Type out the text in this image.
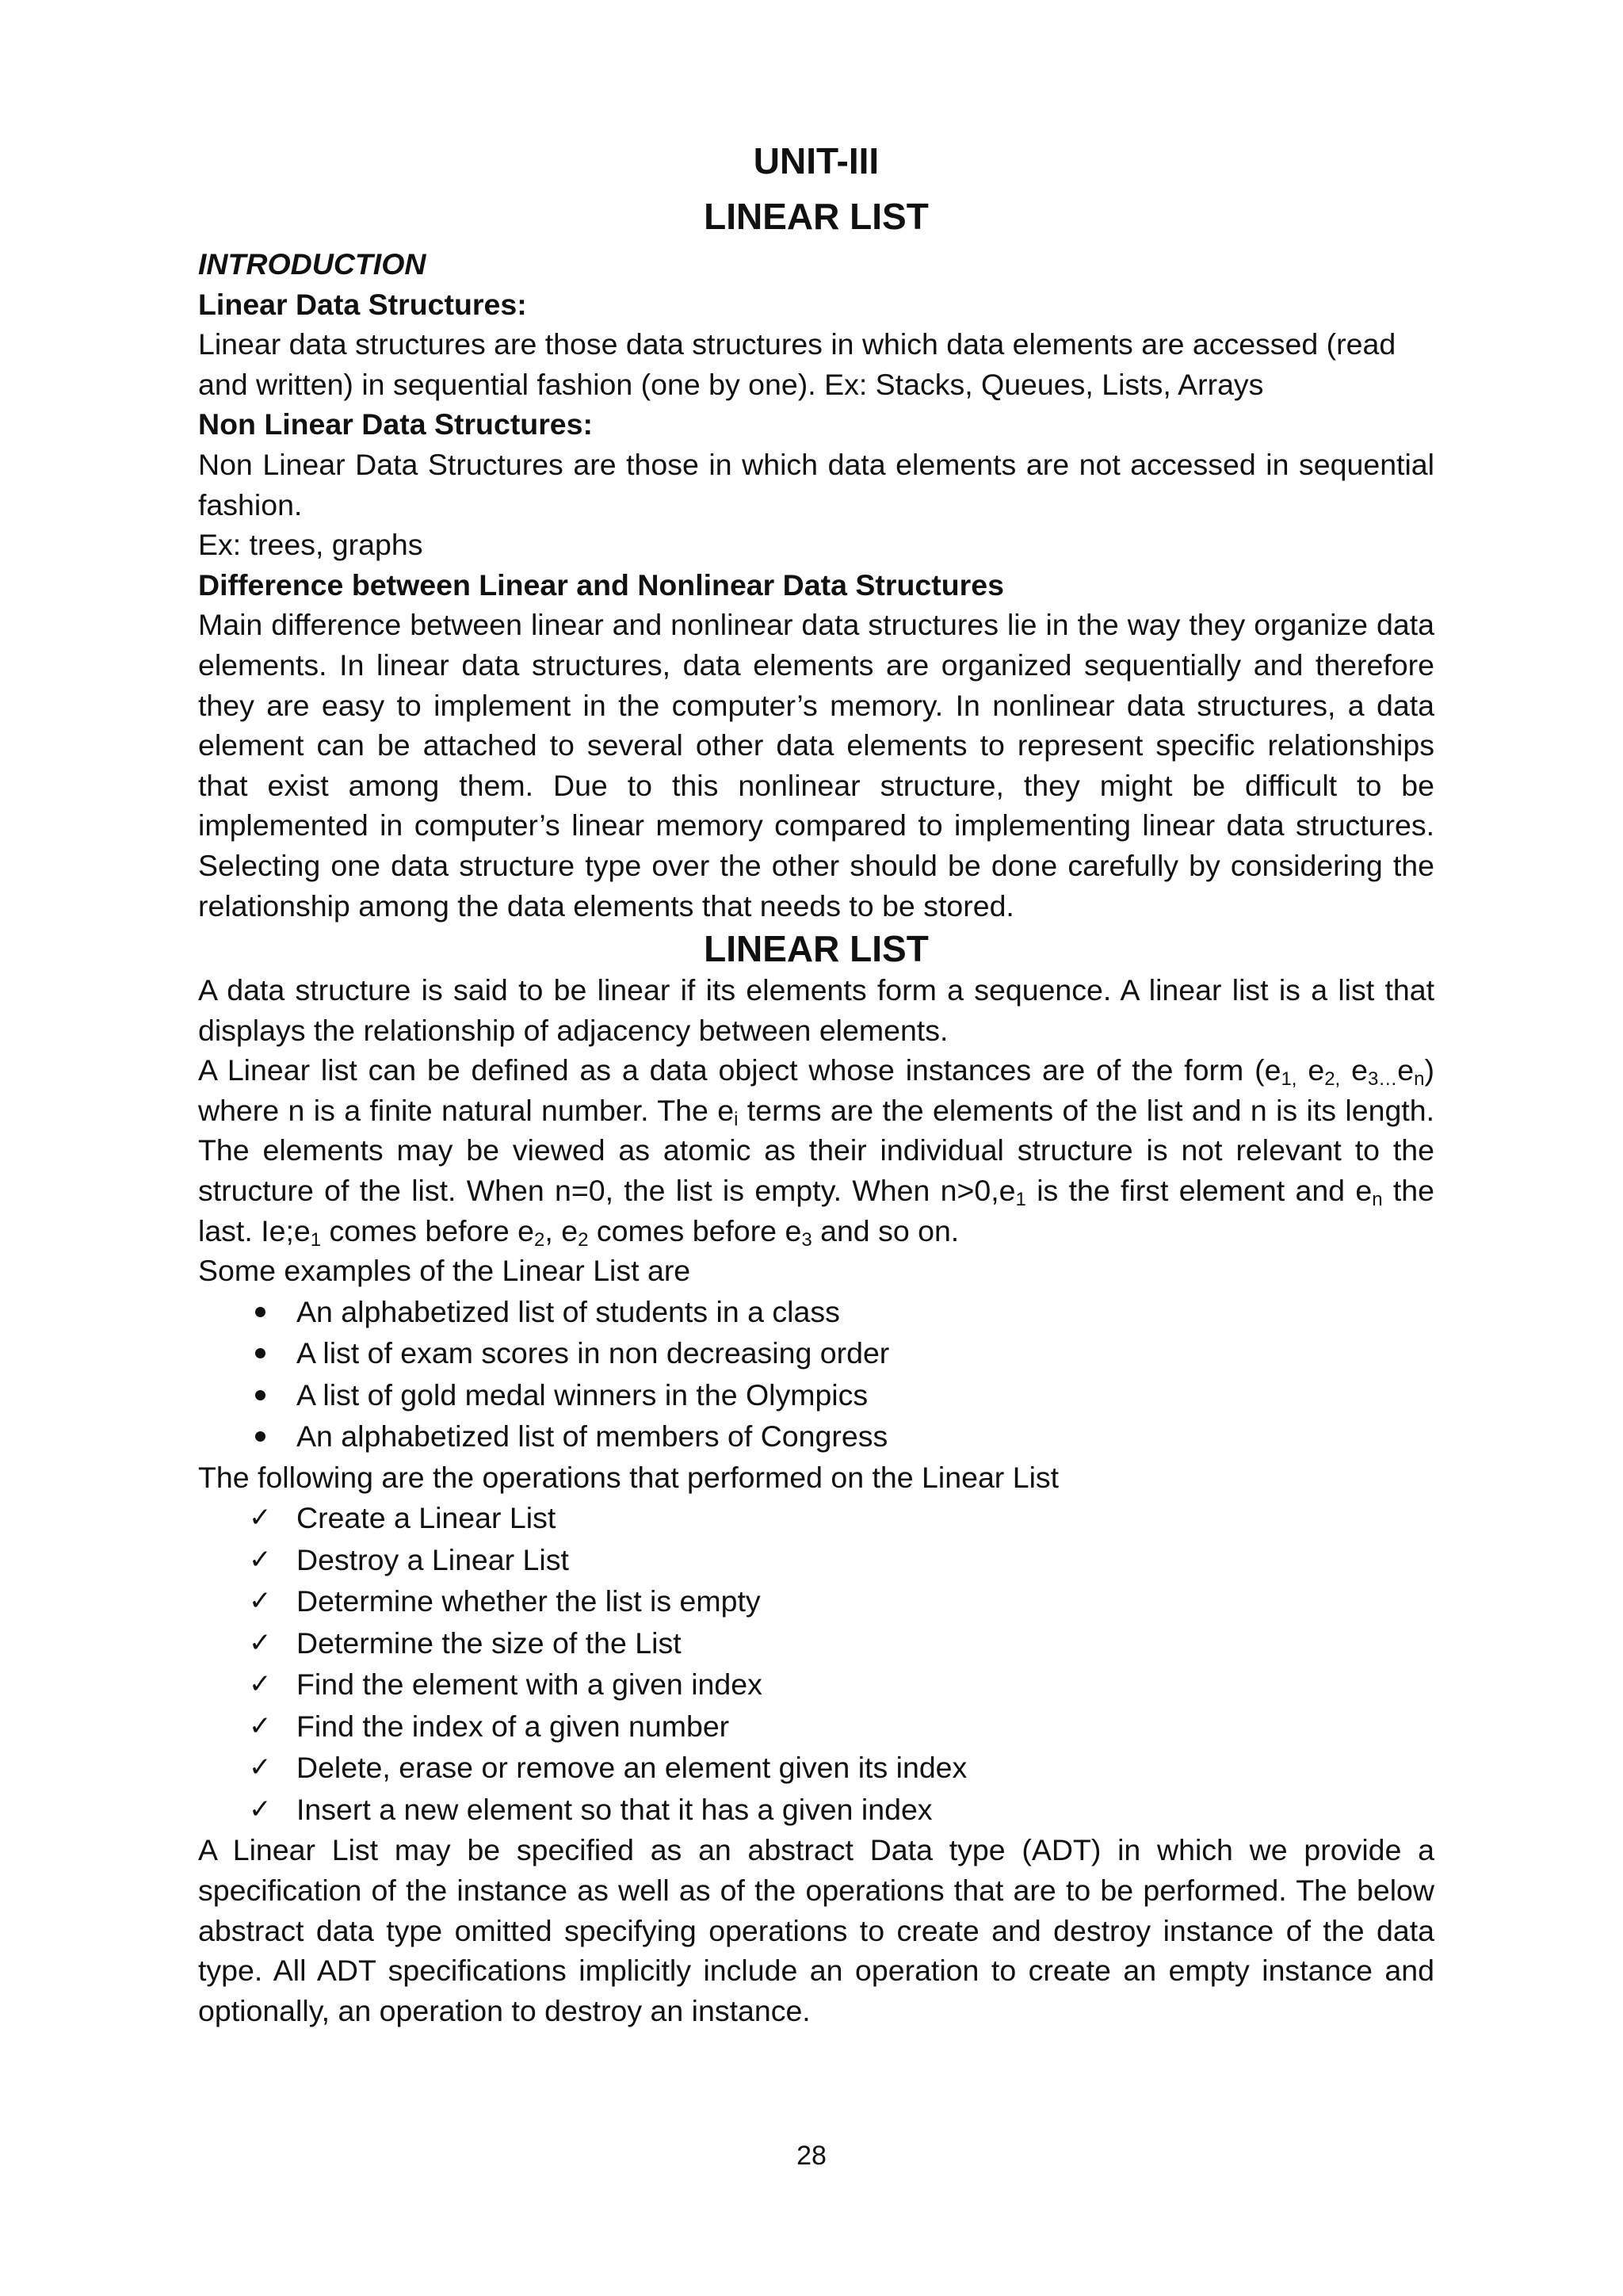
UNIT-III
LINEAR LIST
INTRODUCTION
Linear Data Structures:

Linear data structures are those data structures in which data elements are accessed (read and written) in sequential fashion (one by one). Ex: Stacks, Queues, Lists, Arrays

Non Linear Data Structures:

Non Linear Data Structures are those in which data elements are not accessed in sequential fashion.

Ex: trees, graphs

Difference between Linear and Nonlinear Data Structures

Main difference between linear and nonlinear data structures lie in the way they organize data elements. In linear data structures, data elements are organized sequentially and therefore they are easy to implement in the computer’s memory. In nonlinear data structures, a data element can be attached to several other data elements to represent specific relationships that exist among them. Due to this nonlinear structure, they might be difficult to be implemented in computer’s linear memory compared to implementing linear data structures. Selecting one data structure type over the other should be done carefully by considering the relationship among the data elements that needs to be stored.

LINEAR LIST

A data structure is said to be linear if its elements form a sequence. A linear list is a list that displays the relationship of adjacency between elements.

A Linear list can be defined as a data object whose instances are of the form ($e_{1,}$ $e_{2,}$ $e_{3\dots}e_n$) where n is a finite natural number. The $e_i$ terms are the elements of the list and n is its length. The elements may be viewed as atomic as their individual structure is not relevant to the structure of the list. When n=0, the list is empty. When $n>0,e_1$ is the first element and $e_n$ the last. $Ie;e_1$ comes before $e_2$, $e_2$ comes before $e_3$ and so on.

Some examples of the Linear List are

An alphabetized list of students in a class
A list of exam scores in non decreasing order
A list of gold medal winners in the Olympics
An alphabetized list of members of Congress

The following are the operations that performed on the Linear List

✓ Create a Linear List
✓ Destroy a Linear List
✓ Determine whether the list is empty
✓ Determine the size of the List
✓ Find the element with a given index
✓ Find the index of a given number
✓ Delete, erase or remove an element given its index
✓ Insert a new element so that it has a given index

A Linear List may be specified as an abstract Data type (ADT) in which we provide a specification of the instance as well as of the operations that are to be performed. The below abstract data type omitted specifying operations to create and destroy instance of the data type. All ADT specifications implicitly include an operation to create an empty instance and optionally, an operation to destroy an instance.

28
